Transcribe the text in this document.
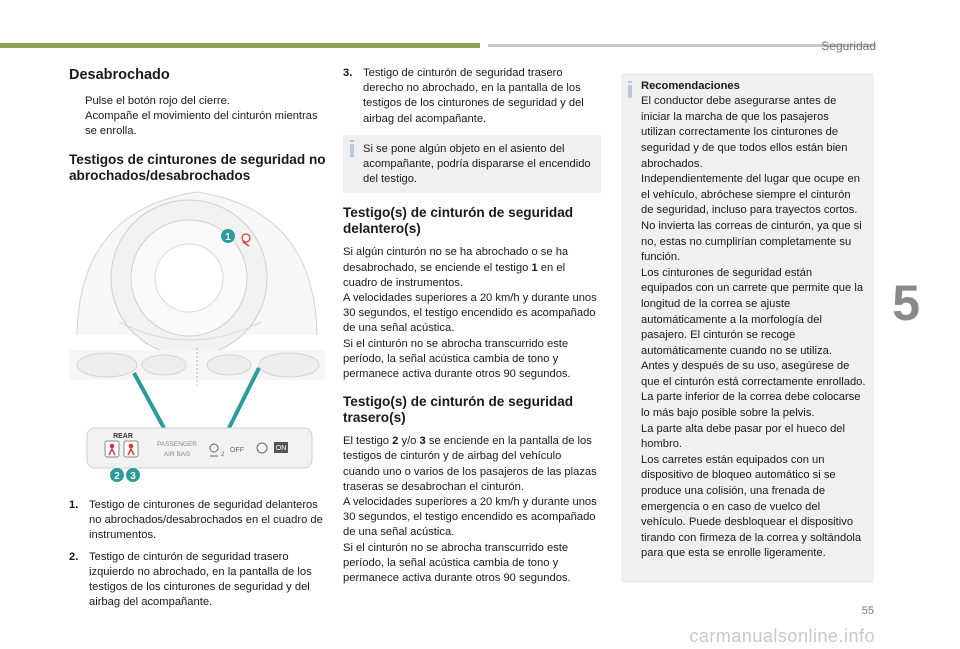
Seguridad
5
55
carmanualsonline.info
Desabrochado
Pulse el botón rojo del cierre.
Acompañe el movimiento del cinturón mientras se enrolla.
Testigos de cinturones de seguridad no abrochados/desabrochados
1
REAR
PASSENGER
AIR BAG	2
OFF	ON
2 3
1. Testigo de cinturones de seguridad delanteros no abrochados/desabrochados en el cuadro de instrumentos.
2. Testigo de cinturón de seguridad trasero izquierdo no abrochado, en la pantalla de los testigos de los cinturones de seguridad y del airbag del acompañante.
3. Testigo de cinturón de seguridad trasero derecho no abrochado, en la pantalla de los testigos de los cinturones de seguridad y del airbag del acompañante.
Si se pone algún objeto en el asiento del acompañante, podría dispararse el encendido del testigo.
Testigo(s) de cinturón de seguridad delantero(s)

Si algún cinturón no se ha abrochado o se ha desabrochado, se enciende el testigo 1 en el cuadro de instrumentos.
A velocidades superiores a 20 km/h y durante unos 30 segundos, el testigo encendido es acompañado de una señal acústica.
Si el cinturón no se abrocha transcurrido este período, la señal acústica cambia de tono y permanece activa durante otros 90 segundos.

Testigo(s) de cinturón de seguridad trasero(s)

El testigo 2 y/o 3 se enciende en la pantalla de los testigos de cinturón y de airbag del vehículo cuando uno o varios de los pasajeros de las plazas traseras se desabrochan el cinturón.
A velocidades superiores a 20 km/h y durante unos 30 segundos, el testigo encendido es acompañado de una señal acústica.
Si el cinturón no se abrocha transcurrido este período, la señal acústica cambia de tono y permanece activa durante otros 90 segundos.

Recomendaciones
El conductor debe asegurarse antes de iniciar la marcha de que los pasajeros utilizan correctamente los cinturones de seguridad y de que todos ellos están bien abrochados.
Independientemente del lugar que ocupe en el vehículo, abróchese siempre el cinturón de seguridad, incluso para trayectos cortos.
No invierta las correas de cinturón, ya que si no, estas no cumplirían completamente su función.
Los cinturones de seguridad están equipados con un carrete que permite que la longitud de la correa se ajuste automáticamente a la morfología del pasajero. El cinturón se recoge automáticamente cuando no se utiliza.
Antes y después de su uso, asegúrese de que el cinturón está correctamente enrollado.
La parte inferior de la correa debe colocarse lo más bajo posible sobre la pelvis.
La parte alta debe pasar por el hueco del hombro.
Los carretes están equipados con un dispositivo de bloqueo automático si se produce una colisión, una frenada de emergencia o en caso de vuelco del vehículo. Puede desbloquear el dispositivo tirando con firmeza de la correa y soltándola para que esta se enrolle ligeramente.
